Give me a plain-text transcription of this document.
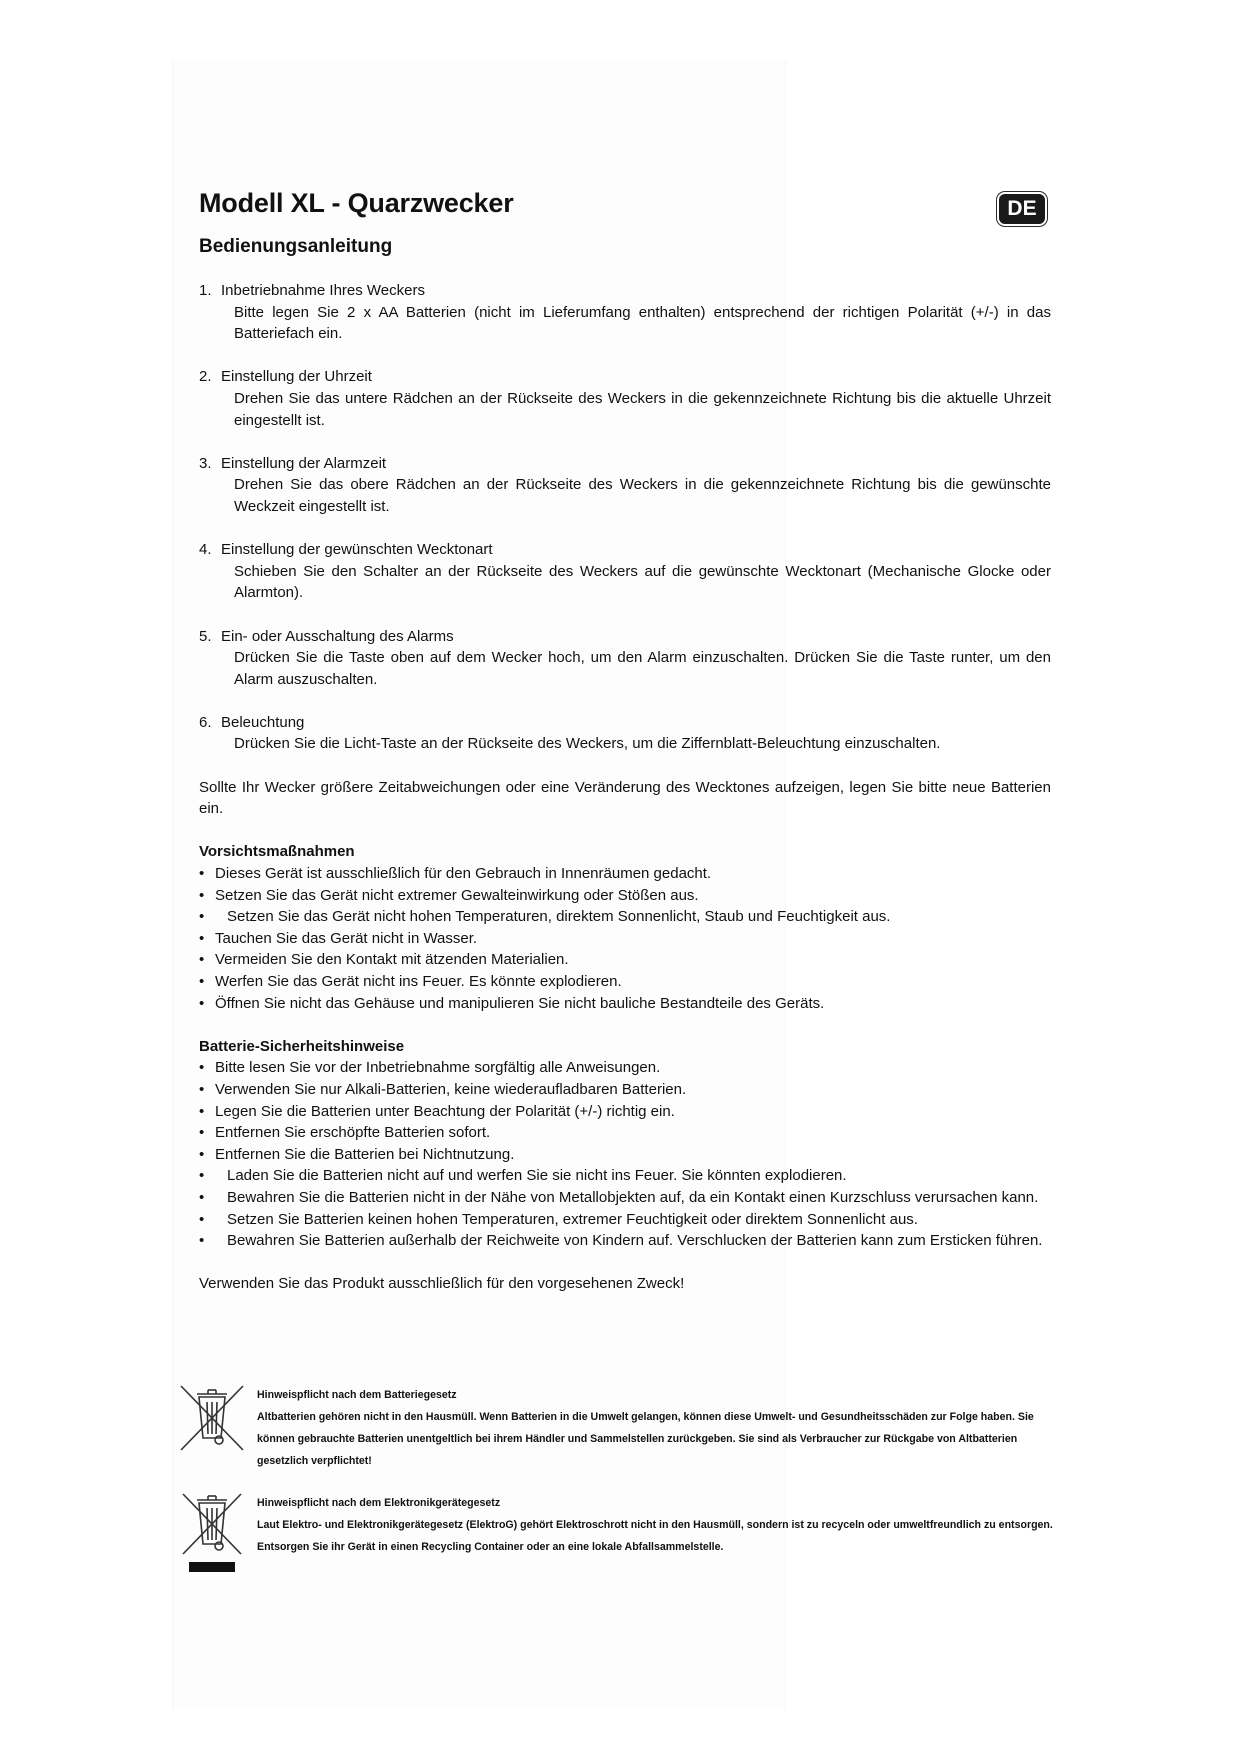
Modell XL - Quarzwecker
Bedienungsanleitung
DE
1. Inbetriebnahme Ihres Weckers
Bitte legen Sie 2 x AA Batterien (nicht im Lieferumfang enthalten) entsprechend der richtigen Polarität (+/-) in das Batteriefach ein.
2. Einstellung der Uhrzeit
Drehen Sie das untere Rädchen an der Rückseite des Weckers in die gekennzeichnete Richtung bis die aktuelle Uhrzeit eingestellt ist.
3. Einstellung der Alarmzeit
Drehen Sie das obere Rädchen an der Rückseite des Weckers in die gekennzeichnete Richtung bis die gewünschte Weckzeit eingestellt ist.
4. Einstellung der gewünschten Wecktonart
Schieben Sie den Schalter an der Rückseite des Weckers auf die gewünschte Wecktonart (Mechanische Glocke oder Alarmton).
5. Ein- oder Ausschaltung des Alarms
Drücken Sie die Taste oben auf dem Wecker hoch, um den Alarm einzuschalten. Drücken Sie die Taste runter, um den Alarm auszuschalten.
6. Beleuchtung
Drücken Sie die Licht-Taste an der Rückseite des Weckers, um die Ziffernblatt-Beleuchtung einzuschalten.

Sollte Ihr Wecker größere Zeitabweichungen oder eine Veränderung des Wecktones aufzeigen, legen Sie bitte neue Batterien ein.

Vorsichtsmaßnahmen

• Dieses Gerät ist ausschließlich für den Gebrauch in Innenräumen gedacht.
• Setzen Sie das Gerät nicht extremer Gewalteinwirkung oder Stößen aus.
• Setzen Sie das Gerät nicht hohen Temperaturen, direktem Sonnenlicht, Staub und Feuchtigkeit aus.
• Tauchen Sie das Gerät nicht in Wasser.
• Vermeiden Sie den Kontakt mit ätzenden Materialien.
• Werfen Sie das Gerät nicht ins Feuer. Es könnte explodieren.
• Öffnen Sie nicht das Gehäuse und manipulieren Sie nicht bauliche Bestandteile des Geräts.

Batterie-Sicherheitshinweise

• Bitte lesen Sie vor der Inbetriebnahme sorgfältig alle Anweisungen.
• Verwenden Sie nur Alkali-Batterien, keine wiederaufladbaren Batterien.
• Legen Sie die Batterien unter Beachtung der Polarität (+/-) richtig ein.
• Entfernen Sie erschöpfte Batterien sofort.
• Entfernen Sie die Batterien bei Nichtnutzung.
• Laden Sie die Batterien nicht auf und werfen Sie sie nicht ins Feuer. Sie könnten explodieren.
• Bewahren Sie die Batterien nicht in der Nähe von Metallobjekten auf, da ein Kontakt einen Kurzschluss verursachen kann.
• Setzen Sie Batterien keinen hohen Temperaturen, extremer Feuchtigkeit oder direktem Sonnenlicht aus.
• Bewahren Sie Batterien außerhalb der Reichweite von Kindern auf. Verschlucken der Batterien kann zum Ersticken führen.

Verwenden Sie das Produkt ausschließlich für den vorgesehenen Zweck!

Hinweispflicht nach dem Batteriegesetz

Altbatterien gehören nicht in den Hausmüll. Wenn Batterien in die Umwelt gelangen, können diese Umwelt- und Gesundheitsschäden zur Folge haben. Sie können gebrauchte Batterien unentgeltlich bei ihrem Händler und Sammelstellen zurückgeben. Sie sind als Verbraucher zur Rückgabe von Altbatterien gesetzlich verpflichtet!

Hinweispflicht nach dem Elektronikgerätegesetz

Laut Elektro- und Elektronikgerätegesetz (ElektroG) gehört Elektroschrott nicht in den Hausmüll, sondern ist zu recyceln oder umweltfreundlich zu entsorgen. Entsorgen Sie ihr Gerät in einen Recycling Container oder an eine lokale Abfallsammelstelle.
